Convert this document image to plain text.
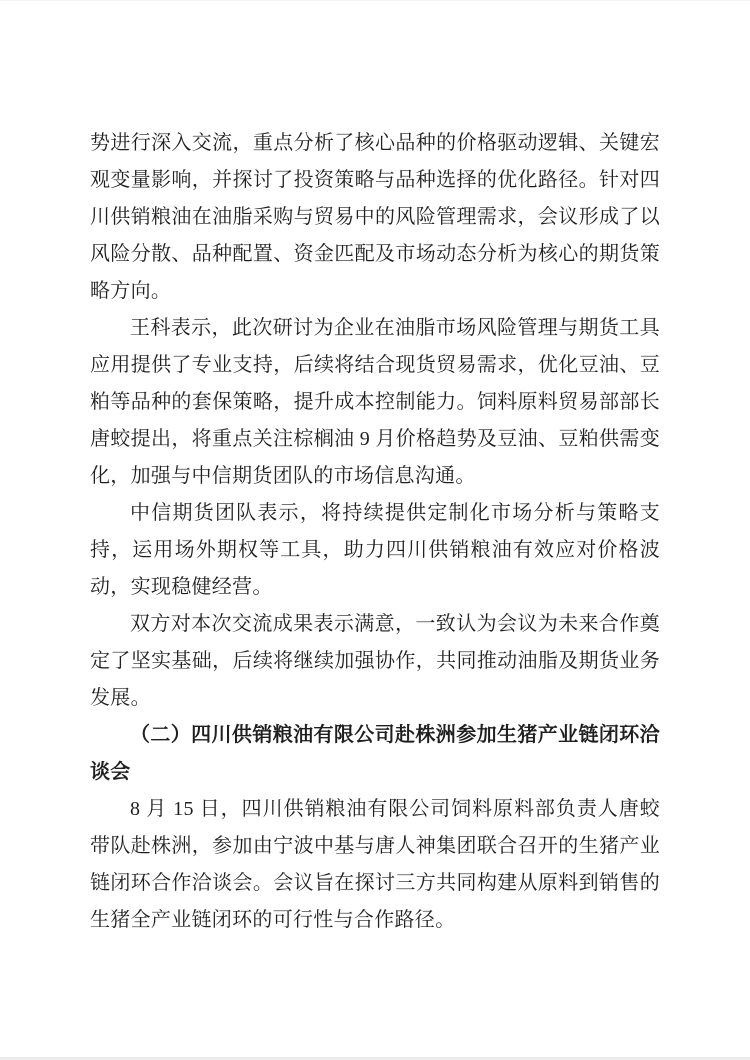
势进行深入交流，重点分析了核心品种的价格驱动逻辑、关键宏观变量影响，并探讨了投资策略与品种选择的优化路径。针对四川供销粮油在油脂采购与贸易中的风险管理需求，会议形成了以风险分散、品种配置、资金匹配及市场动态分析为核心的期货策略方向。

王科表示，此次研讨为企业在油脂市场风险管理与期货工具应用提供了专业支持，后续将结合现货贸易需求，优化豆油、豆粕等品种的套保策略，提升成本控制能力。饲料原料贸易部部长唐蛟提出，将重点关注棕榈油 9 月价格趋势及豆油、豆粕供需变化，加强与中信期货团队的市场信息沟通。

中信期货团队表示，将持续提供定制化市场分析与策略支持，运用场外期权等工具，助力四川供销粮油有效应对价格波动，实现稳健经营。

双方对本次交流成果表示满意，一致认为会议为未来合作奠定了坚实基础，后续将继续加强协作，共同推动油脂及期货业务发展。

（二）四川供销粮油有限公司赴株洲参加生猪产业链闭环洽谈会

8 月 15 日，四川供销粮油有限公司饲料原料部负责人唐蛟带队赴株洲，参加由宁波中基与唐人神集团联合召开的生猪产业链闭环合作洽谈会。会议旨在探讨三方共同构建从原料到销售的生猪全产业链闭环的可行性与合作路径。
